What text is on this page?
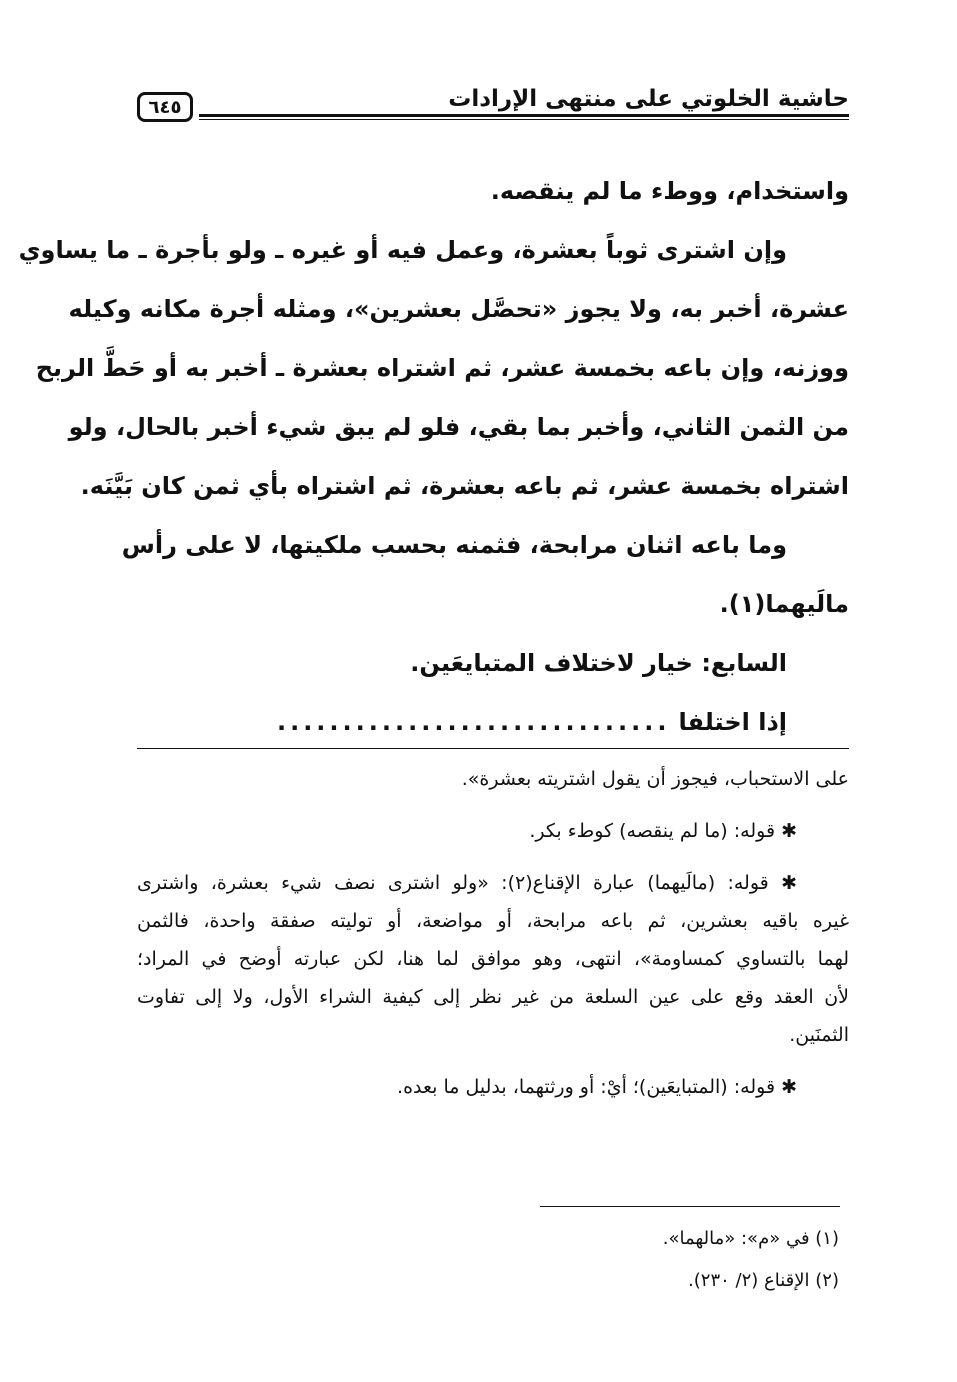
حاشية الخلوتي على منتهى الإرادات
٦٤٥
واستخدام، ووطء ما لم ينقصه.
وإن اشترى ثوباً بعشرة، وعمل فيه أو غيره ـ ولو بأجرة ـ ما يساوي
عشرة، أخبر به، ولا يجوز «تحصَّل بعشرين»، ومثله أجرة مكانه وكيله
ووزنه، وإن باعه بخمسة عشر، ثم اشتراه بعشرة ـ أخبر به أو حَطَّ الربح
من الثمن الثاني، وأخبر بما بقي، فلو لم يبق شيء أخبر بالحال، ولو
اشتراه بخمسة عشر، ثم باعه بعشرة، ثم اشتراه بأي ثمن كان بَيَّنَه.
وما باعه اثنان مرابحة، فثمنه بحسب ملكيتها، لا على رأس
مالَيهما(١).
السابع: خيار لاختلاف المتبايعَين.
إذا اختلفا
..............................
على الاستحباب، فيجوز أن يقول اشتريته بعشرة».
✱ قوله: (ما لم ينقصه) كوطء بكر.
✱ قوله: (مالَيهما) عبارة الإقناع(٢): «ولو اشترى نصف شيء بعشرة، واشترى
غيره باقيه بعشرين، ثم باعه مرابحة، أو مواضعة، أو توليته صفقة واحدة، فالثمن
لهما بالتساوي كمساومة»، انتهى، وهو موافق لما هنا، لكن عبارته أوضح في المراد؛
لأن العقد وقع على عين السلعة من غير نظر إلى كيفية الشراء الأول، ولا إلى تفاوت
الثمنَين.
✱ قوله: (المتبايعَين)؛ أيْ: أو ورثتهما، بدليل ما بعده.
(١) في «م»: «مالهما».
(٢) الإقناع (٢/ ٢٣٠).
